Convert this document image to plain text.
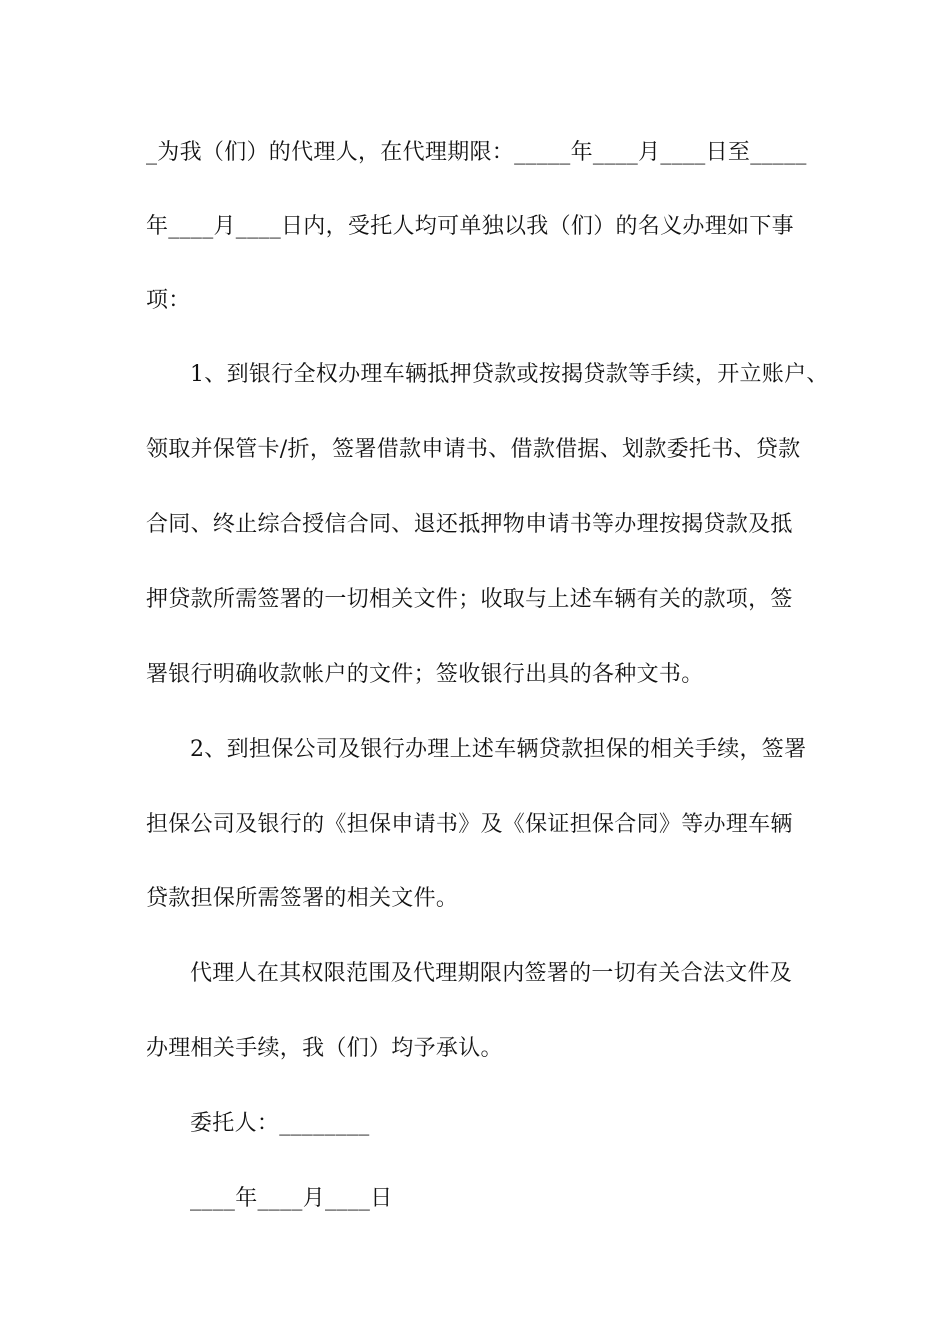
_为我（们）的代理人，在代理期限：_____年____月____日至_____
年____月____日内，受托人均可单独以我（们）的名义办理如下事
项：
1、到银行全权办理车辆抵押贷款或按揭贷款等手续，开立账户、
领取并保管卡/折，签署借款申请书、借款借据、划款委托书、贷款
合同、终止综合授信合同、退还抵押物申请书等办理按揭贷款及抵
押贷款所需签署的一切相关文件；收取与上述车辆有关的款项，签
署银行明确收款帐户的文件；签收银行出具的各种文书。
2、到担保公司及银行办理上述车辆贷款担保的相关手续，签署
担保公司及银行的《担保申请书》及《保证担保合同》等办理车辆
贷款担保所需签署的相关文件。
代理人在其权限范围及代理期限内签署的一切有关合法文件及
办理相关手续，我（们）均予承认。
委托人：________
____年____月____日
